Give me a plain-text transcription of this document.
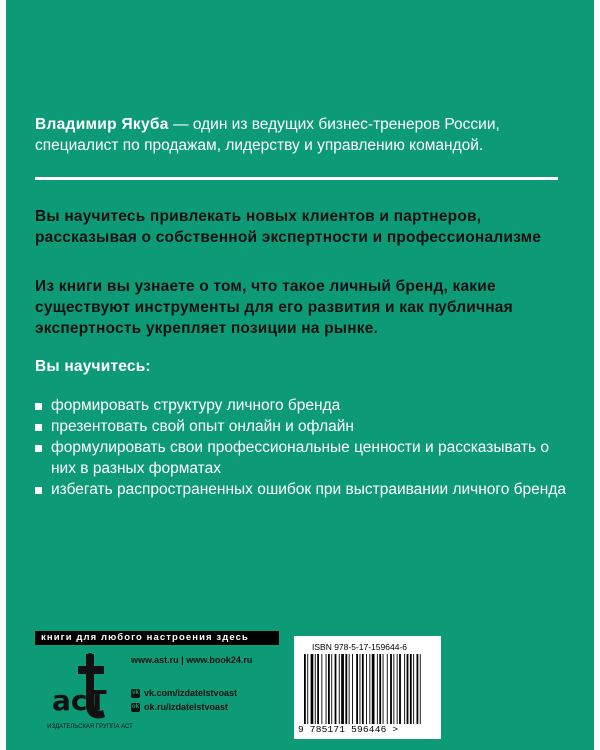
Владимир Якуба — один из ведущих бизнес-тренеров России, специалист по продажам, лидерству и управлению командой.

Вы научитесь привлекать новых клиентов и партнеров, рассказывая о собственной экспертности и профессионализме

Из книги вы узнаете о том, что такое личный бренд, какие существуют инструменты для его развития и как публичная экспертность укрепляет позиции на рынке.

Вы научитесь:

формировать структуру личного бренда
презентовать свой опыт онлайн и офлайн
формулировать свои профессиональные ценности и рассказывать о них в разных форматах
избегать распространенных ошибок при выстраивании личного бренда
книги для любого настроения здесь
acT
ИЗДАТЕЛЬСКАЯ ГРУППА АСТ
www.ast.ru | www.book24.ru
vk vk.com/izdatelstvoast
ok ok.ru/izdatelstvoast
ISBN 978-5-17-159644-6
9 785171 596446 >
